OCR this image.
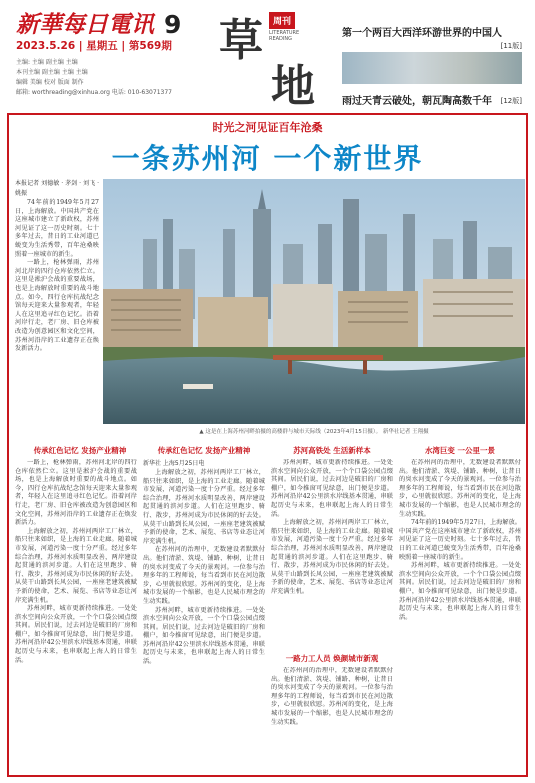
新華每日電讯 9
2023.5.26 | 星期五 | 第569期
主编: 主编 副主编 主编
本刊主编 副主编 主编 主编
编辑 美编 校对 版面 制作
邮箱: worthreading@xinhua.org 电话: 010-63071377
草
地
周刊
LITERATURE READING	第一个两百大西洋环游世界的中国人
[11版]
雨过天青云破处，朝瓦陶高数千年	[12版]
时光之河见证百年沧桑
一条苏州河 一个新世界
▲ 这是在上海苏州河畔拍摄的高楼群与城市天际线（2023年4月15日摄）。 新华社记者 王翔摄
本报记者 刘德敏 · 茅剑 · 刘飞 · 姚振

74年前的1949年5月27日，上海解放。中国共产党在这座城市建立了新政权，苏州河见证了这一历史时刻。七十多年过去，昔日的工业河道已蜕变为生活秀带，百年沧桑映照着一座城市的新生。

一路上，枪林弹雨，苏州河北岸的四行仓库依然伫立。这里是淞沪会战的重要战场，也是上海解放时重要的战斗地点。如今，四行仓库抗战纪念馆每天迎来大量参观者，年轻人在这里追寻红色记忆。沿着河岸行走，老厂房、旧仓库被改造为创意园区和文化空间，苏州河沿岸的工业遗存正在焕发新活力。

传承红色记忆 发扬产业精神

一路上，枪林弹雨，苏州河北岸的四行仓库依然伫立。这里是淞沪会战的重要战场，也是上海解放时重要的战斗地点。如今，四行仓库抗战纪念馆每天迎来大量参观者，年轻人在这里追寻红色记忆。沿着河岸行走，老厂房、旧仓库被改造为创意园区和文化空间，苏州河沿岸的工业遗存正在焕发新活力。

上海解放之初，苏州河两岸工厂林立，船只往来如织，是上海的工业走廊。随着城市发展，河道污染一度十分严重。经过多年综合治理，苏州河水质明显改善，两岸建设起贯通的滨河步道。人们在这里跑步、骑行、散步，苏州河成为市民休闲的好去处。从莫干山路到长风公园，一座座老建筑被赋予新的使命，艺术、展览、书店等业态让河岸充满生机。

苏州河畔，城市更新持续推进。一处处滨水空间向公众开放，一个个口袋公园点缀其间。居民们说，过去河边是破旧的厂房和棚户，如今推窗可见绿意，出门便是步道。苏州河沿岸42公里滨水岸线基本贯通，串联起历史与未来，也串联起上海人的日常生活。

传承红色记忆 发扬产业精神
新华社 上海5月25日电

上海解放之初，苏州河两岸工厂林立，船只往来如织，是上海的工业走廊。随着城市发展，河道污染一度十分严重。经过多年综合治理，苏州河水质明显改善，两岸建设起贯通的滨河步道。人们在这里跑步、骑行、散步，苏州河成为市民休闲的好去处。从莫干山路到长风公园，一座座老建筑被赋予新的使命，艺术、展览、书店等业态让河岸充满生机。

在苏州河的治理中，无数建设者默默付出。他们清淤、筑堤、铺路、种树，让昔日的臭水河变成了今天的景观河。一位参与治理多年的工程师说，每当看到市民在河边散步，心里就很欣慰。苏州河的变化，是上海城市发展的一个缩影，也是人民城市理念的生动实践。

苏州河畔，城市更新持续推进。一处处滨水空间向公众开放，一个个口袋公园点缀其间。居民们说，过去河边是破旧的厂房和棚户，如今推窗可见绿意，出门便是步道。苏州河沿岸42公里滨水岸线基本贯通，串联起历史与未来，也串联起上海人的日常生活。

苏河高铁处 生活新样本

苏州河畔，城市更新持续推进。一处处滨水空间向公众开放，一个个口袋公园点缀其间。居民们说，过去河边是破旧的厂房和棚户，如今推窗可见绿意，出门便是步道。苏州河沿岸42公里滨水岸线基本贯通，串联起历史与未来，也串联起上海人的日常生活。

上海解放之初，苏州河两岸工厂林立，船只往来如织，是上海的工业走廊。随着城市发展，河道污染一度十分严重。经过多年综合治理，苏州河水质明显改善，两岸建设起贯通的滨河步道。人们在这里跑步、骑行、散步，苏州河成为市民休闲的好去处。从莫干山路到长风公园，一座座老建筑被赋予新的使命，艺术、展览、书店等业态让河岸充满生机。

一路力工人员 焕颜城市新观

在苏州河的治理中，无数建设者默默付出。他们清淤、筑堤、铺路、种树，让昔日的臭水河变成了今天的景观河。一位参与治理多年的工程师说，每当看到市民在河边散步，心里就很欣慰。苏州河的变化，是上海城市发展的一个缩影，也是人民城市理念的生动实践。

水湾巨变 一公里一景

在苏州河的治理中，无数建设者默默付出。他们清淤、筑堤、铺路、种树，让昔日的臭水河变成了今天的景观河。一位参与治理多年的工程师说，每当看到市民在河边散步，心里就很欣慰。苏州河的变化，是上海城市发展的一个缩影，也是人民城市理念的生动实践。

74年前的1949年5月27日，上海解放。中国共产党在这座城市建立了新政权，苏州河见证了这一历史时刻。七十多年过去，昔日的工业河道已蜕变为生活秀带，百年沧桑映照着一座城市的新生。

苏州河畔，城市更新持续推进。一处处滨水空间向公众开放，一个个口袋公园点缀其间。居民们说，过去河边是破旧的厂房和棚户，如今推窗可见绿意，出门便是步道。苏州河沿岸42公里滨水岸线基本贯通，串联起历史与未来，也串联起上海人的日常生活。
